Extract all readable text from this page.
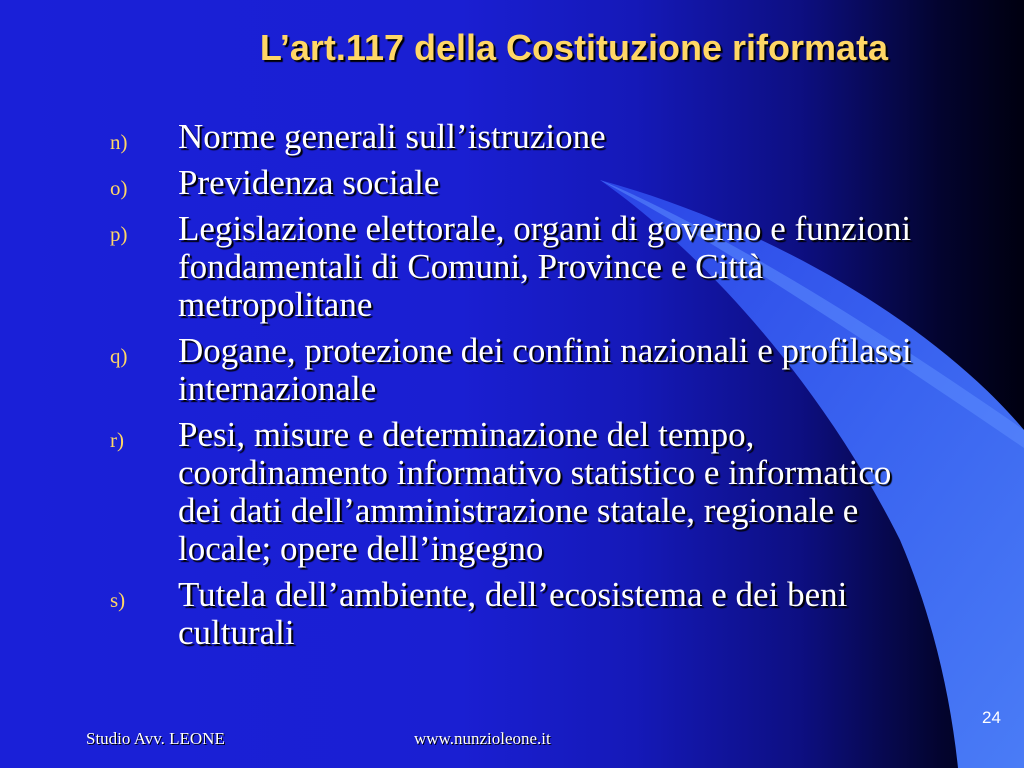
L’art.117 della Costituzione riformata
n) Norme generali sull’istruzione
o) Previdenza sociale
p) Legislazione elettorale, organi di governo e funzioni fondamentali di Comuni, Province e Città metropolitane
q) Dogane, protezione dei confini nazionali e profilassi internazionale
r) Pesi, misure e determinazione del tempo, coordinamento informativo statistico e informatico dei dati dell’amministrazione statale, regionale e locale; opere dell’ingegno
s) Tutela dell’ambiente, dell’ecosistema e dei beni culturali
Studio Avv. LEONE	www.nunzioleone.it
24
